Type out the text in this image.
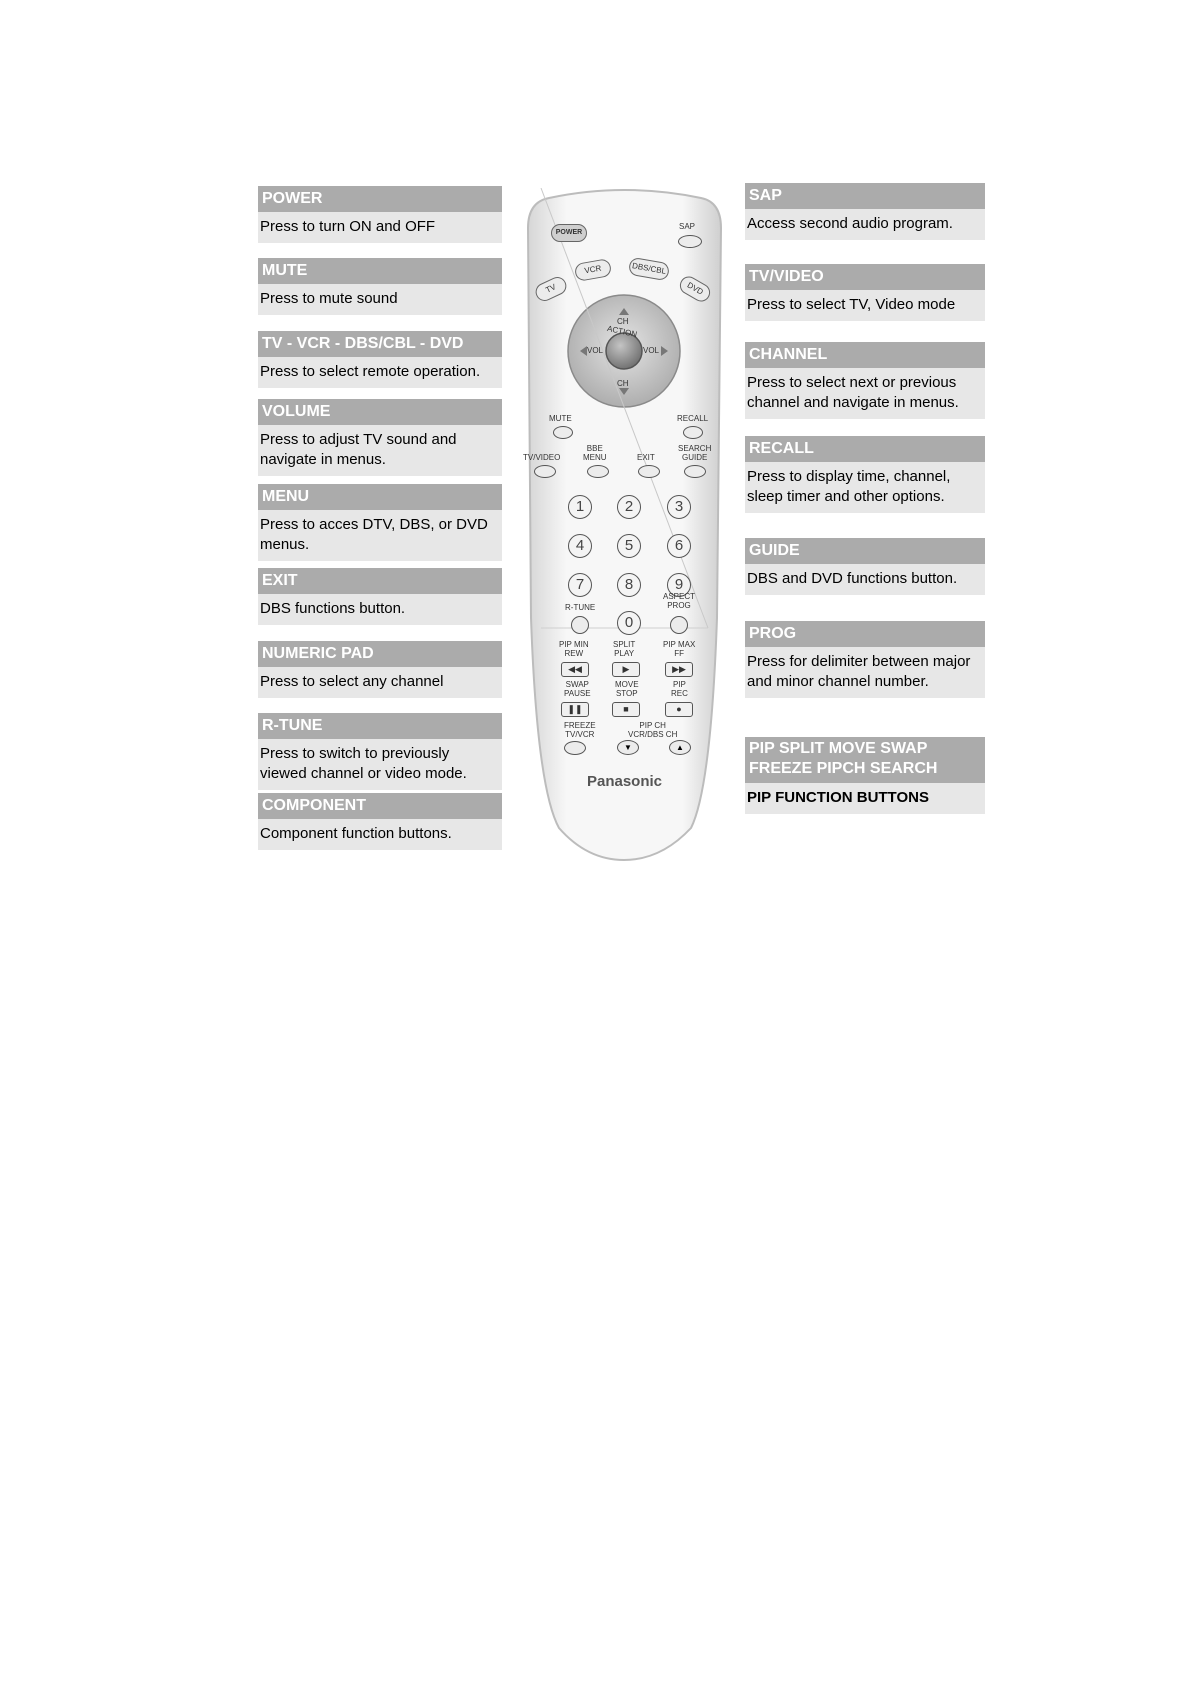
POWER
Press to turn ON and OFF
MUTE
Press to mute sound
TV - VCR - DBS/CBL - DVD
Press to select remote operation.
VOLUME
Press to adjust TV sound and navigate in menus.
MENU
Press to acces DTV, DBS, or DVD menus.
EXIT
DBS functions button.
NUMERIC PAD
Press to select any channel
R-TUNE
Press to switch to previously viewed channel or video mode.
COMPONENT
Component function buttons.
SAP
Access second audio program.
TV/VIDEO
Press to select TV, Video mode
CHANNEL
Press to select next or previous channel and navigate in menus.
RECALL
Press to display time, channel, sleep timer and other options.
GUIDE
DBS and DVD functions button.
PROG
Press for delimiter between major and minor channel number.
PIP SPLIT MOVE SWAP FREEZE PIPCH SEARCH
PIP FUNCTION BUTTONS
POWER
SAP
TV
VCR	DBS/CBL
DVD
CH
CH
VOL	VOL
ACTION
MUTE	RECALL
TV/VIDEO
BBE
MENU	EXIT
SEARCH
GUIDE
1	2	3
4	5	6
7	8	9
0
R-TUNE
ASPECT
PROG
PIP MIN
REW
SPLIT
PLAY
PIP MAX
FF
◀◀	▶	▶▶
SWAP
PAUSE
MOVE
STOP
PIP
REC
❚❚	■	●
FREEZE
TV/VCR
PIP CH
VCR/DBS CH
▼	▲
Panasonic
